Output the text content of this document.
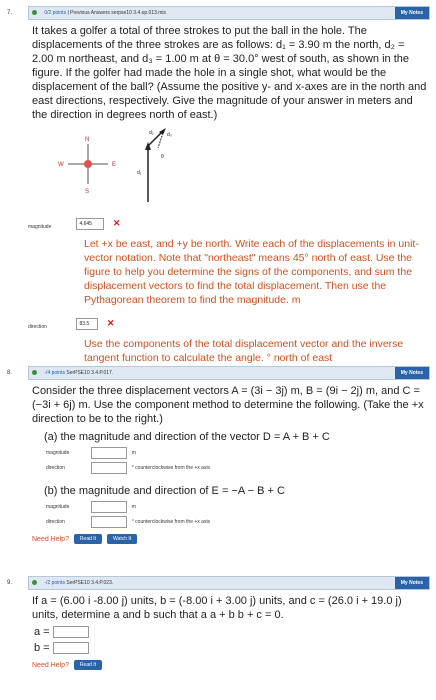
7.	0/2 points | Previous Answers serpse10 3.4.op.013.mis	My Notes
It takes a golfer a total of three strokes to put the ball in the hole. The displacements of the three strokes are as follows: d₁ = 3.90 m the north, d₂ = 2.00 m northeast, and d₃ = 1.00 m at θ = 30.0° west of south, as shown in the figure. If the golfer had made the hole in a single shot, what would be the displacement of the ball? (Assume the positive y- and x-axes are in the north and east directions, respectively. Give the magnitude of your answer in meters and the direction in degrees north of east.)
N
S
W	E
d₁
d₂	d₃
θ
magnitude 4.645 ✕
Let +x be east, and +y be north. Write each of the displacements in unit-vector notation. Note that "northeast" means 45° north of east. Use the figure to help you determine the signs of the components, and sum the displacement vectors to find the total displacement. Then use the Pythagorean theorem to find the magnitude. m
direction 83.5 ✕
Use the components of the total displacement vector and the inverse tangent function to calculate the angle. ° north of east
8.	-/4 points SerPSE10 3.4.P.017.	My Notes
Consider the three displacement vectors A = (3i − 3j) m, B = (9i − 2j) m, and C = (−3i + 6j) m. Use the component method to determine the following. (Take the +x direction to be to the right.)
(a) the magnitude and direction of the vector D = A + B + C
magnitude	m
direction	° counterclockwise from the +x axis
(b) the magnitude and direction of E = −A − B + C
magnitude	m
direction	° counterclockwise from the +x axis
Need Help? Read It	Watch It
9.	-/2 points SerPSE10 3.4.P.023.	My Notes
If a = (6.00 i -8.00 j) units, b = (-8.00 i + 3.00 j) units, and c = (26.0 i + 19.0 j) units, determine a and b such that a a + b b + c = 0.
a =
b =
Need Help? Read It
